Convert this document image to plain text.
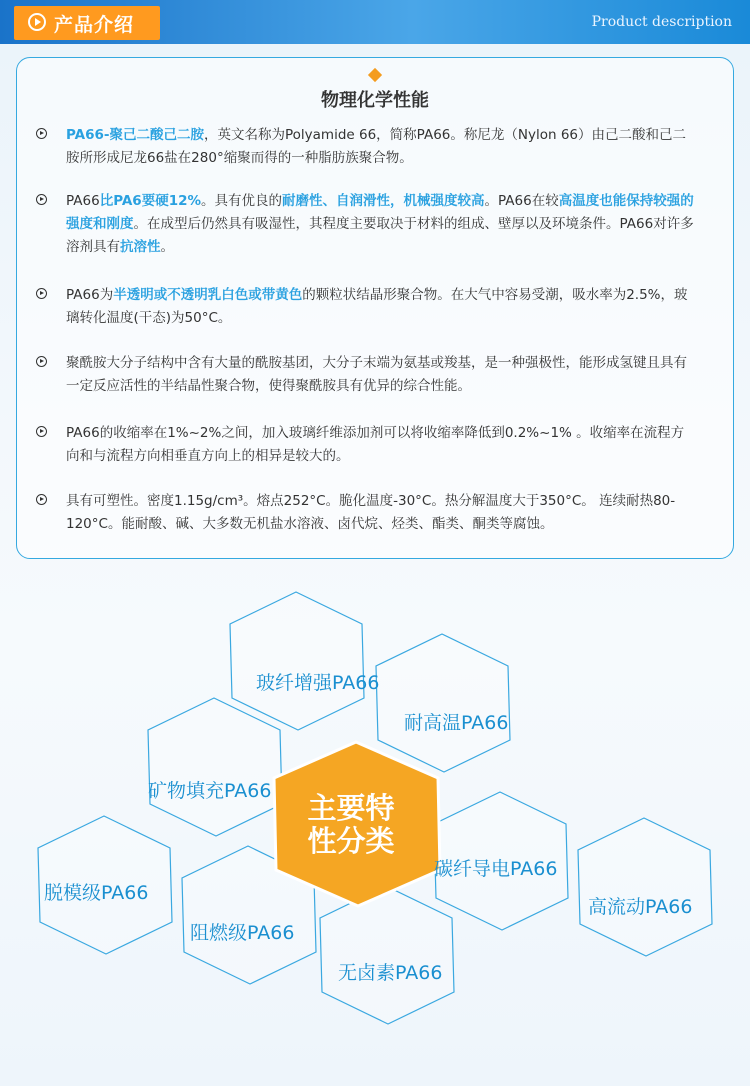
产品介绍	Product description
物理化学性能
PA66-聚己二酸己二胺，英文名称为Polyamide 66，简称PA66。称尼龙（Nylon 66）由己二酸和己二胺所形成尼龙66盐在280°缩聚而得的一种脂肪族聚合物。
PA66比PA6要硬12%。具有优良的耐磨性、自润滑性，机械强度较高。PA66在较高温度也能保持较强的强度和刚度。在成型后仍然具有吸湿性，其程度主要取决于材料的组成、壁厚以及环境条件。PA66对许多溶剂具有抗溶性。
PA66为半透明或不透明乳白色或带黄色的颗粒状结晶形聚合物。在大气中容易受潮，吸水率为2.5%，玻璃转化温度(干态)为50°C。
聚酰胺大分子结构中含有大量的酰胺基团，大分子末端为氨基或羧基，是一种强极性，能形成氢键且具有一定反应活性的半结晶性聚合物，使得聚酰胺具有优异的综合性能。
PA66的收缩率在1%~2%之间，加入玻璃纤维添加剂可以将收缩率降低到0.2%~1% 。收缩率在流程方向和与流程方向相垂直方向上的相异是较大的。
具有可塑性。密度1.15g/cm³。熔点252°C。脆化温度-30°C。热分解温度大于350°C。 连续耐热80-120°C。能耐酸、碱、大多数无机盐水溶液、卤代烷、烃类、酯类、酮类等腐蚀。
玻纤增强PA66
耐高温PA66
矿物填充PA66
碳纤导电PA66
脱模级PA66
高流动PA66
阻燃级PA66
无卤素PA66
主要特
性分类
